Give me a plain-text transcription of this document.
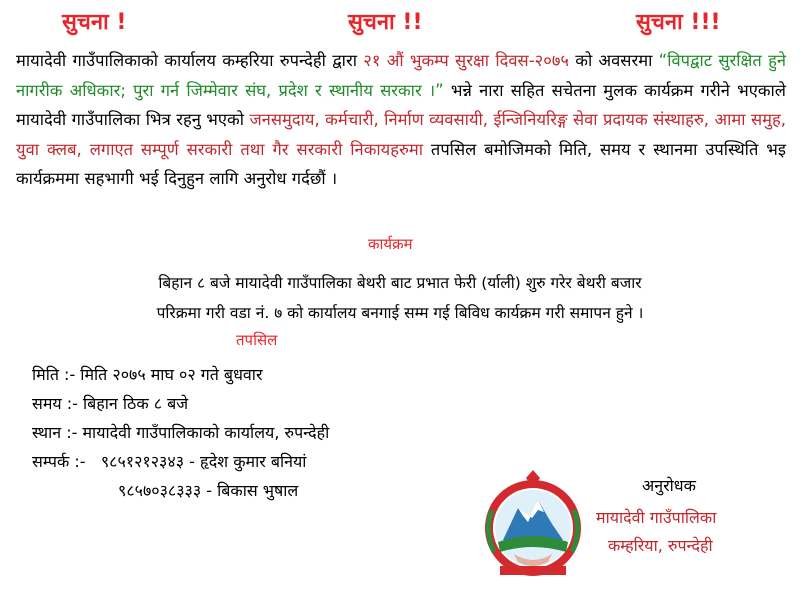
सुचना !	सुचना !!	सुचना !!!

मायादेवी गाउँपालिकाको कार्यालय कम्हरिया रुपन्देही द्वारा २१ औं भुकम्प सुरक्षा दिवस-२०७५ को अवसरमा “विपद्वाट सुरक्षित हुने नागरीक अधिकार; पुरा गर्न जिम्मेवार संघ, प्रदेश र स्थानीय सरकार ।” भन्ने नारा सहित सचेतना मुलक कार्यक्रम गरीने भएकाले मायादेवी गाउँपालिका भित्र रहनु भएको जनसमुदाय, कर्मचारी, निर्माण व्यवसायी, ईन्जिनियरिङ्ग सेवा प्रदायक संस्थाहरु, आमा समुह, युवा क्लब, लगाएत सम्पूर्ण सरकारी तथा गैर सरकारी निकायहरुमा तपसिल बमोजिमको मिति, समय र स्थानमा उपस्थिति भइ कार्यक्रममा सहभागी भई दिनुहुन लागि अनुरोध गर्दछौं ।

कार्यक्रम

बिहान ८ बजे मायादेवी गाउँपालिका बेथरी बाट प्रभात फेरी (र्याली) शुरु गरेर बेथरी बजार
परिक्रमा गरी वडा नं. ७ को कार्यालय बनगाई सम्म गई बिविध कार्यक्रम गरी समापन हुने ।

तपसिल
मिति :- मिति २०७५ माघ ०२ गते बुधवार
समय :- बिहान ठिक ८ बजे
स्थान :- मायादेवी गाउँपालिकाको कार्यालय, रुपन्देही
सम्पर्क :- ९८५१२१२३४३ - हृदेश कुमार बनियां
९८५७०३८३३३ - बिकास भुषाल	अनुरोधक
मायादेवी गाउँपालिका
कम्हरिया, रुपन्देही
